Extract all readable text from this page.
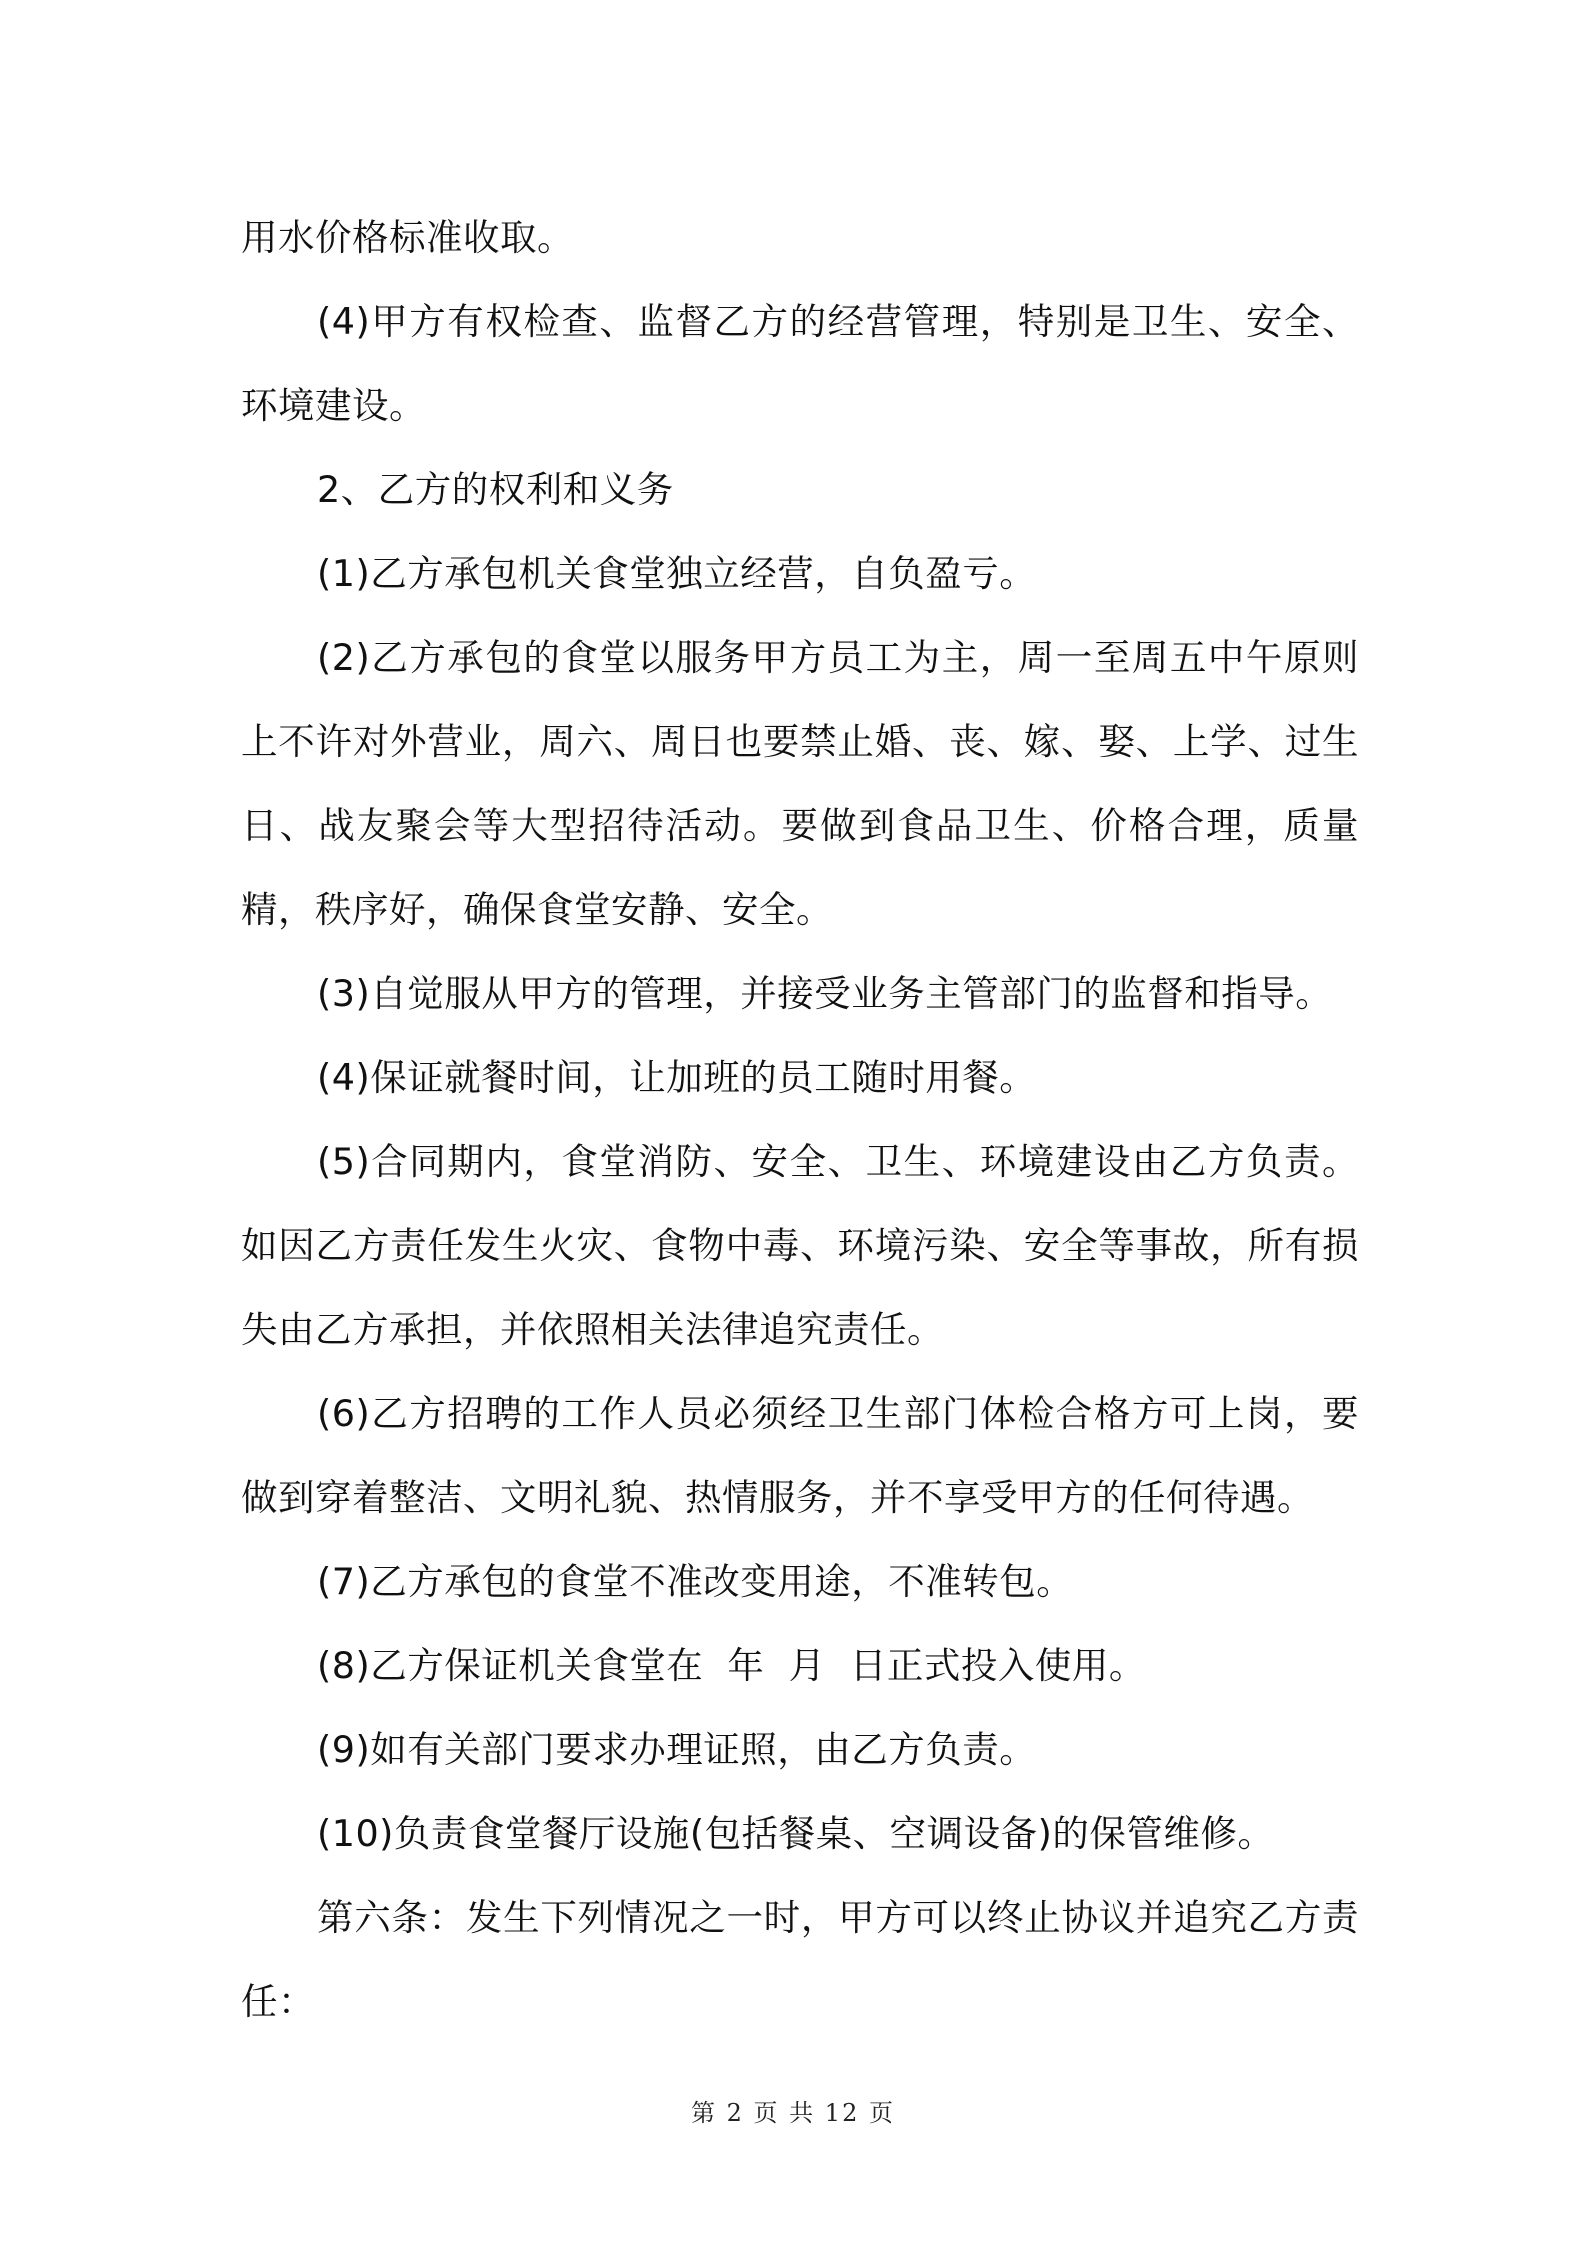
用水价格标准收取。

(4)甲方有权检查、监督乙方的经营管理，特别是卫生、安全、环境建设。

2、乙方的权利和义务

(1)乙方承包机关食堂独立经营，自负盈亏。

(2)乙方承包的食堂以服务甲方员工为主，周一至周五中午原则上不许对外营业，周六、周日也要禁止婚、丧、嫁、娶、上学、过生日、战友聚会等大型招待活动。要做到食品卫生、价格合理，质量精，秩序好，确保食堂安静、安全。

(3)自觉服从甲方的管理，并接受业务主管部门的监督和指导。

(4)保证就餐时间，让加班的员工随时用餐。

(5)合同期内，食堂消防、安全、卫生、环境建设由乙方负责。如因乙方责任发生火灾、食物中毒、环境污染、安全等事故，所有损失由乙方承担，并依照相关法律追究责任。

(6)乙方招聘的工作人员必须经卫生部门体检合格方可上岗，要做到穿着整洁、文明礼貌、热情服务，并不享受甲方的任何待遇。

(7)乙方承包的食堂不准改变用途，不准转包。

(8)乙方保证机关食堂在  年  月  日正式投入使用。

(9)如有关部门要求办理证照，由乙方负责。

(10)负责食堂餐厅设施(包括餐桌、空调设备)的保管维修。

第六条：发生下列情况之一时，甲方可以终止协议并追究乙方责任：

第 2 页 共 12 页
